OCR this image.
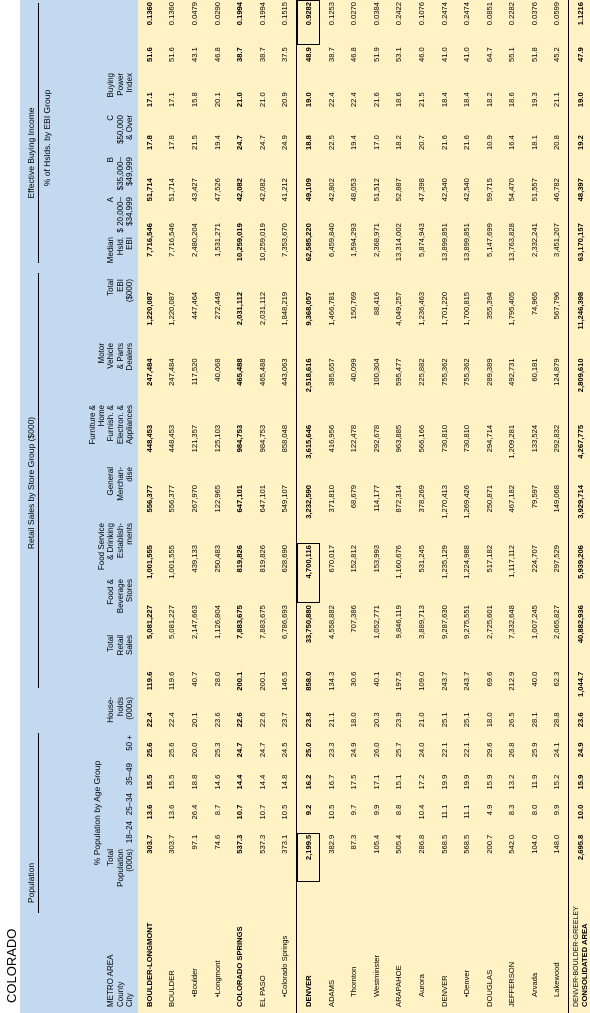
COLORADO
Population
% Population by Age Group
Retail Sales by Store Group ($000)
Effective Buying Income % of Hslds. by EBI Group
METRO AREA
County
City
Total
Population
(000s)
18–24
25–34
35–49
50 +
House-
holds
(000s)
Total
Retail
Sales
Food &
Beverage
Stores
Food Service
& Drinking
Establish-
ments
General
Merchan-
dise
Furniture &
Home
Furnish. &
Electron. &
Appliances
Motor
Vehicle
& Parts
Dealers
Total
EBI
($000)
Median
Hsld.
EBI
A
$ 20,000–
$34,999
B
$35,000–
$49,999
C
$50,000
& Over
Buying
Power
Index
BOULDER-LONGMONT	303.7	13.6	15.5	25.6	22.4	119.6	5,081,227	1,001,555	556,377	448,453	247,484	1,220,087	7,716,546	51,714	17.8	17.1	51.6	0.1360
BOULDER	303.7	13.6	15.5	25.6	22.4	119.6	5,081,227	1,001,555	556,377	448,453	247,484	1,220,087	7,716,546	51,714	17.8	17.1	51.6	0.1360
•Boulder	97.1	26.4	18.8	20.0	20.1	40.7	2,147,663	439,133	267,970	121,357	117,520	447,464	2,480,204	43,427	21.5	15.8	43.1	0.0479
•Longmont	74.6	8.7	14.6	25.3	23.6	28.0	1,126,804	250,483	122,965	125,103	40,068	272,449	1,531,271	47,526	19.4	20.1	46.8	0.0290
COLORADO SPRINGS	537.3	10.7	14.4	24.7	22.6	200.1	7,883,675	819,826	647,101	984,753	465,488	2,031,112	10,259,019	42,082	24.7	21.0	38.7	0.1994
EL PASO	537.3	10.7	14.4	24.7	22.6	200.1	7,883,675	819,826	647,101	984,753	465,488	2,031,112	10,259,019	42,082	24.7	21.0	38.7	0.1994
•Colorado Springs	373.1	10.5	14.8	24.5	23.7	146.5	6,786,693	628,690	549,107	858,048	443,063	1,848,219	7,353,670	41,212	24.9	20.9	37.5	0.1515
DENVER	2,199.5	9.2	16.2	25.0	23.8	858.0	33,750,880	4,700,116	3,232,590	3,615,646	2,518,616	9,368,057	62,585,220	49,109	18.8	19.0	48.9	0.9282
ADAMS	382.9	10.5	16.7	23.3	21.1	134.3	4,558,882	670,017	371,810	416,956	385,657	1,466,781	6,459,840	42,802	22.5	22.4	38.7	0.1253
Thornton	87.3	9.7	17.5	24.9	18.0	30.6	707,386	152,812	68,679	122,478	40,099	150,769	1,594,293	48,053	19.4	22.4	46.8	0.0270
Westminster	105.4	9.9	17.1	26.0	20.3	40.1	1,052,771	153,993	114,177	292,678	100,304	88,416	2,368,971	51,512	17.0	21.6	51.9	0.0384
ARAPAHOE	505.4	8.8	15.1	25.7	23.9	197.5	9,846,119	1,160,676	872,314	963,885	595,477	4,049,257	13,314,002	52,887	18.2	18.6	53.1	0.2422
Aurora	286.8	10.4	17.2	24.0	21.0	109.0	3,889,713	531,245	378,269	566,166	225,882	1,236,463	5,874,943	47,398	20.7	21.5	46.0	0.1076
DENVER	568.5	11.1	19.9	22.1	25.1	243.7	9,287,630	1,235,129	1,270,413	730,810	755,362	1,701,220	13,899,851	42,540	21.6	18.4	41.0	0.2474
•Denver	568.5	11.1	19.9	22.1	25.1	243.7	9,275,551	1,224,988	1,269,426	730,810	755,362	1,700,815	13,899,851	42,540	21.6	18.4	41.0	0.2474
DOUGLAS	200.7	4.9	15.9	29.6	18.0	69.6	2,725,601	517,182	250,871	294,714	289,389	355,394	5,147,699	59,715	10.9	18.2	64.7	0.0851
JEFFERSON	542.0	8.3	13.2	26.8	26.5	212.9	7,332,648	1,117,112	467,182	1,209,281	492,731	1,795,405	13,763,828	54,470	16.4	18.6	55.1	0.2282
Arvada	104.0	8.0	11.9	25.9	28.1	40.0	1,007,245	224,707	79,597	133,524	60,181	74,965	2,332,241	51,557	18.1	19.3	51.8	0.0376
Lakewood	148.0	9.9	15.2	24.1	28.8	62.3	2,065,827	297,529	149,068	292,832	124,879	567,796	3,451,207	46,782	20.8	21.1	45.2	0.0599

DENVER-BOULDER-GREELEY CONSOLIDATED AREA	2,695.8	10.0	15.9	24.9	23.6	1,044.7	40,882,936	5,939,206	3,929,714	4,267,775	2,809,610	11,246,398	63,170,157	48,397	19.2	19.0	47.9	1.1216
